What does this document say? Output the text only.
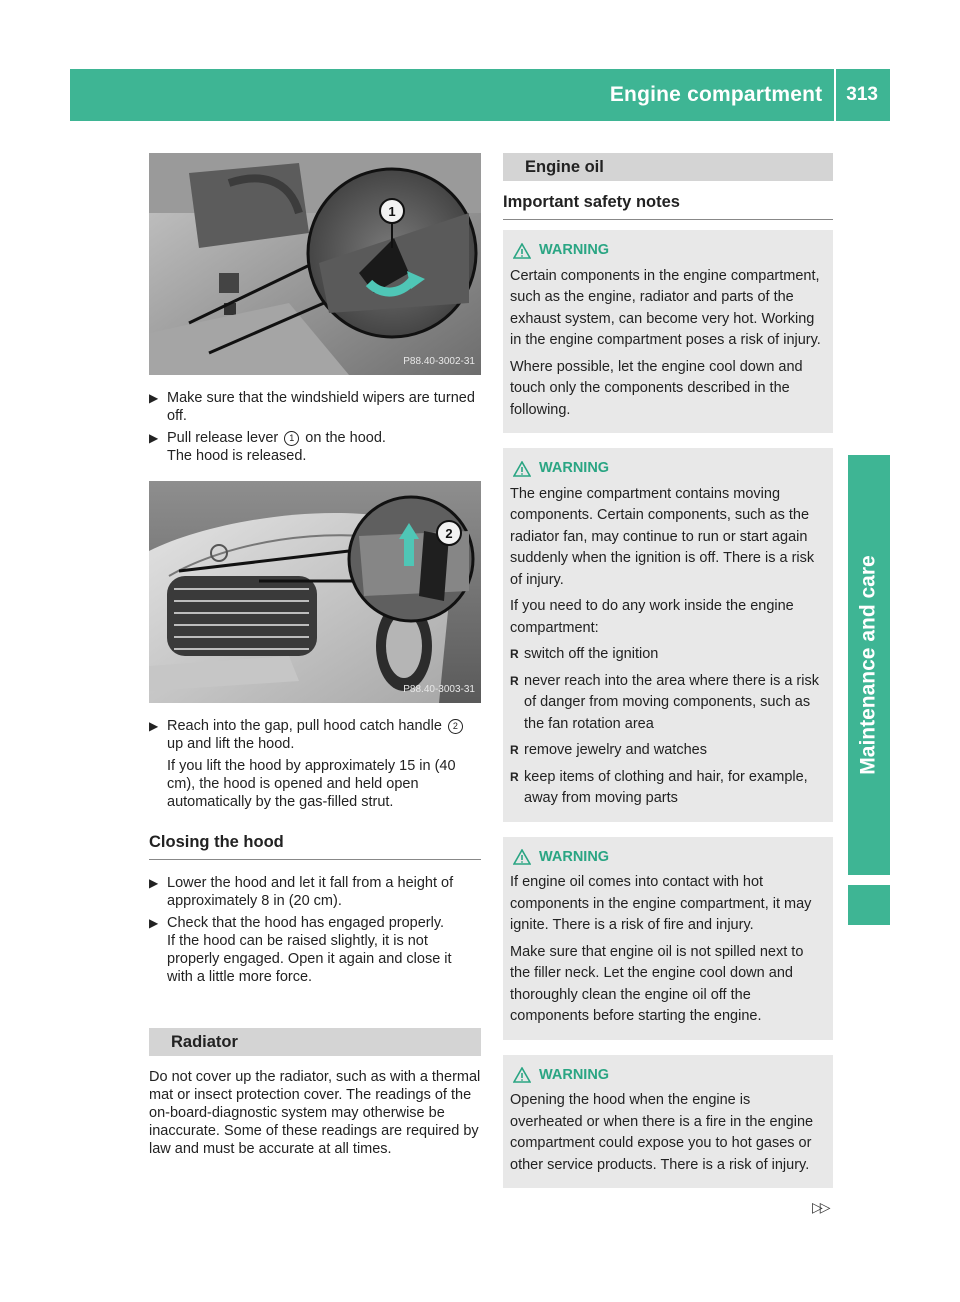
Engine compartment	313
Maintenance and care
1
P88.40-3002-31
▶ Make sure that the windshield wipers are turned off.
▶ Pull release lever 1 on the hood.
The hood is released.
2
P88.40-3003-31
▶ Reach into the gap, pull hood catch handle 2 up and lift the hood.
If you lift the hood by approximately 15 in (40 cm), the hood is opened and held open automatically by the gas-filled strut.
Closing the hood
▶ Lower the hood and let it fall from a height of approximately 8 in (20 cm).
▶ Check that the hood has engaged properly.
If the hood can be raised slightly, it is not properly engaged. Open it again and close it with a little more force.
Radiator
Do not cover up the radiator, such as with a thermal mat or insect protection cover. The readings of the on-board-diagnostic system may otherwise be inaccurate. Some of these readings are required by law and must be accurate at all times.
Engine oil
Important safety notes
WARNING

Certain components in the engine compartment, such as the engine, radiator and parts of the exhaust system, can become very hot. Working in the engine compartment poses a risk of injury.

Where possible, let the engine cool down and touch only the components described in the following.

WARNING

The engine compartment contains moving components. Certain components, such as the radiator fan, may continue to run or start again suddenly when the ignition is off. There is a risk of injury.

If you need to do any work inside the engine compartment:

R switch off the ignition

R never reach into the area where there is a risk of danger from moving components, such as the fan rotation area

R remove jewelry and watches

R keep items of clothing and hair, for example, away from moving parts

WARNING

If engine oil comes into contact with hot components in the engine compartment, it may ignite. There is a risk of fire and injury.

Make sure that engine oil is not spilled next to the filler neck. Let the engine cool down and thoroughly clean the engine oil off the components before starting the engine.

WARNING

Opening the hood when the engine is overheated or when there is a fire in the engine compartment could expose you to hot gases or other service products. There is a risk of injury.

▷▷
